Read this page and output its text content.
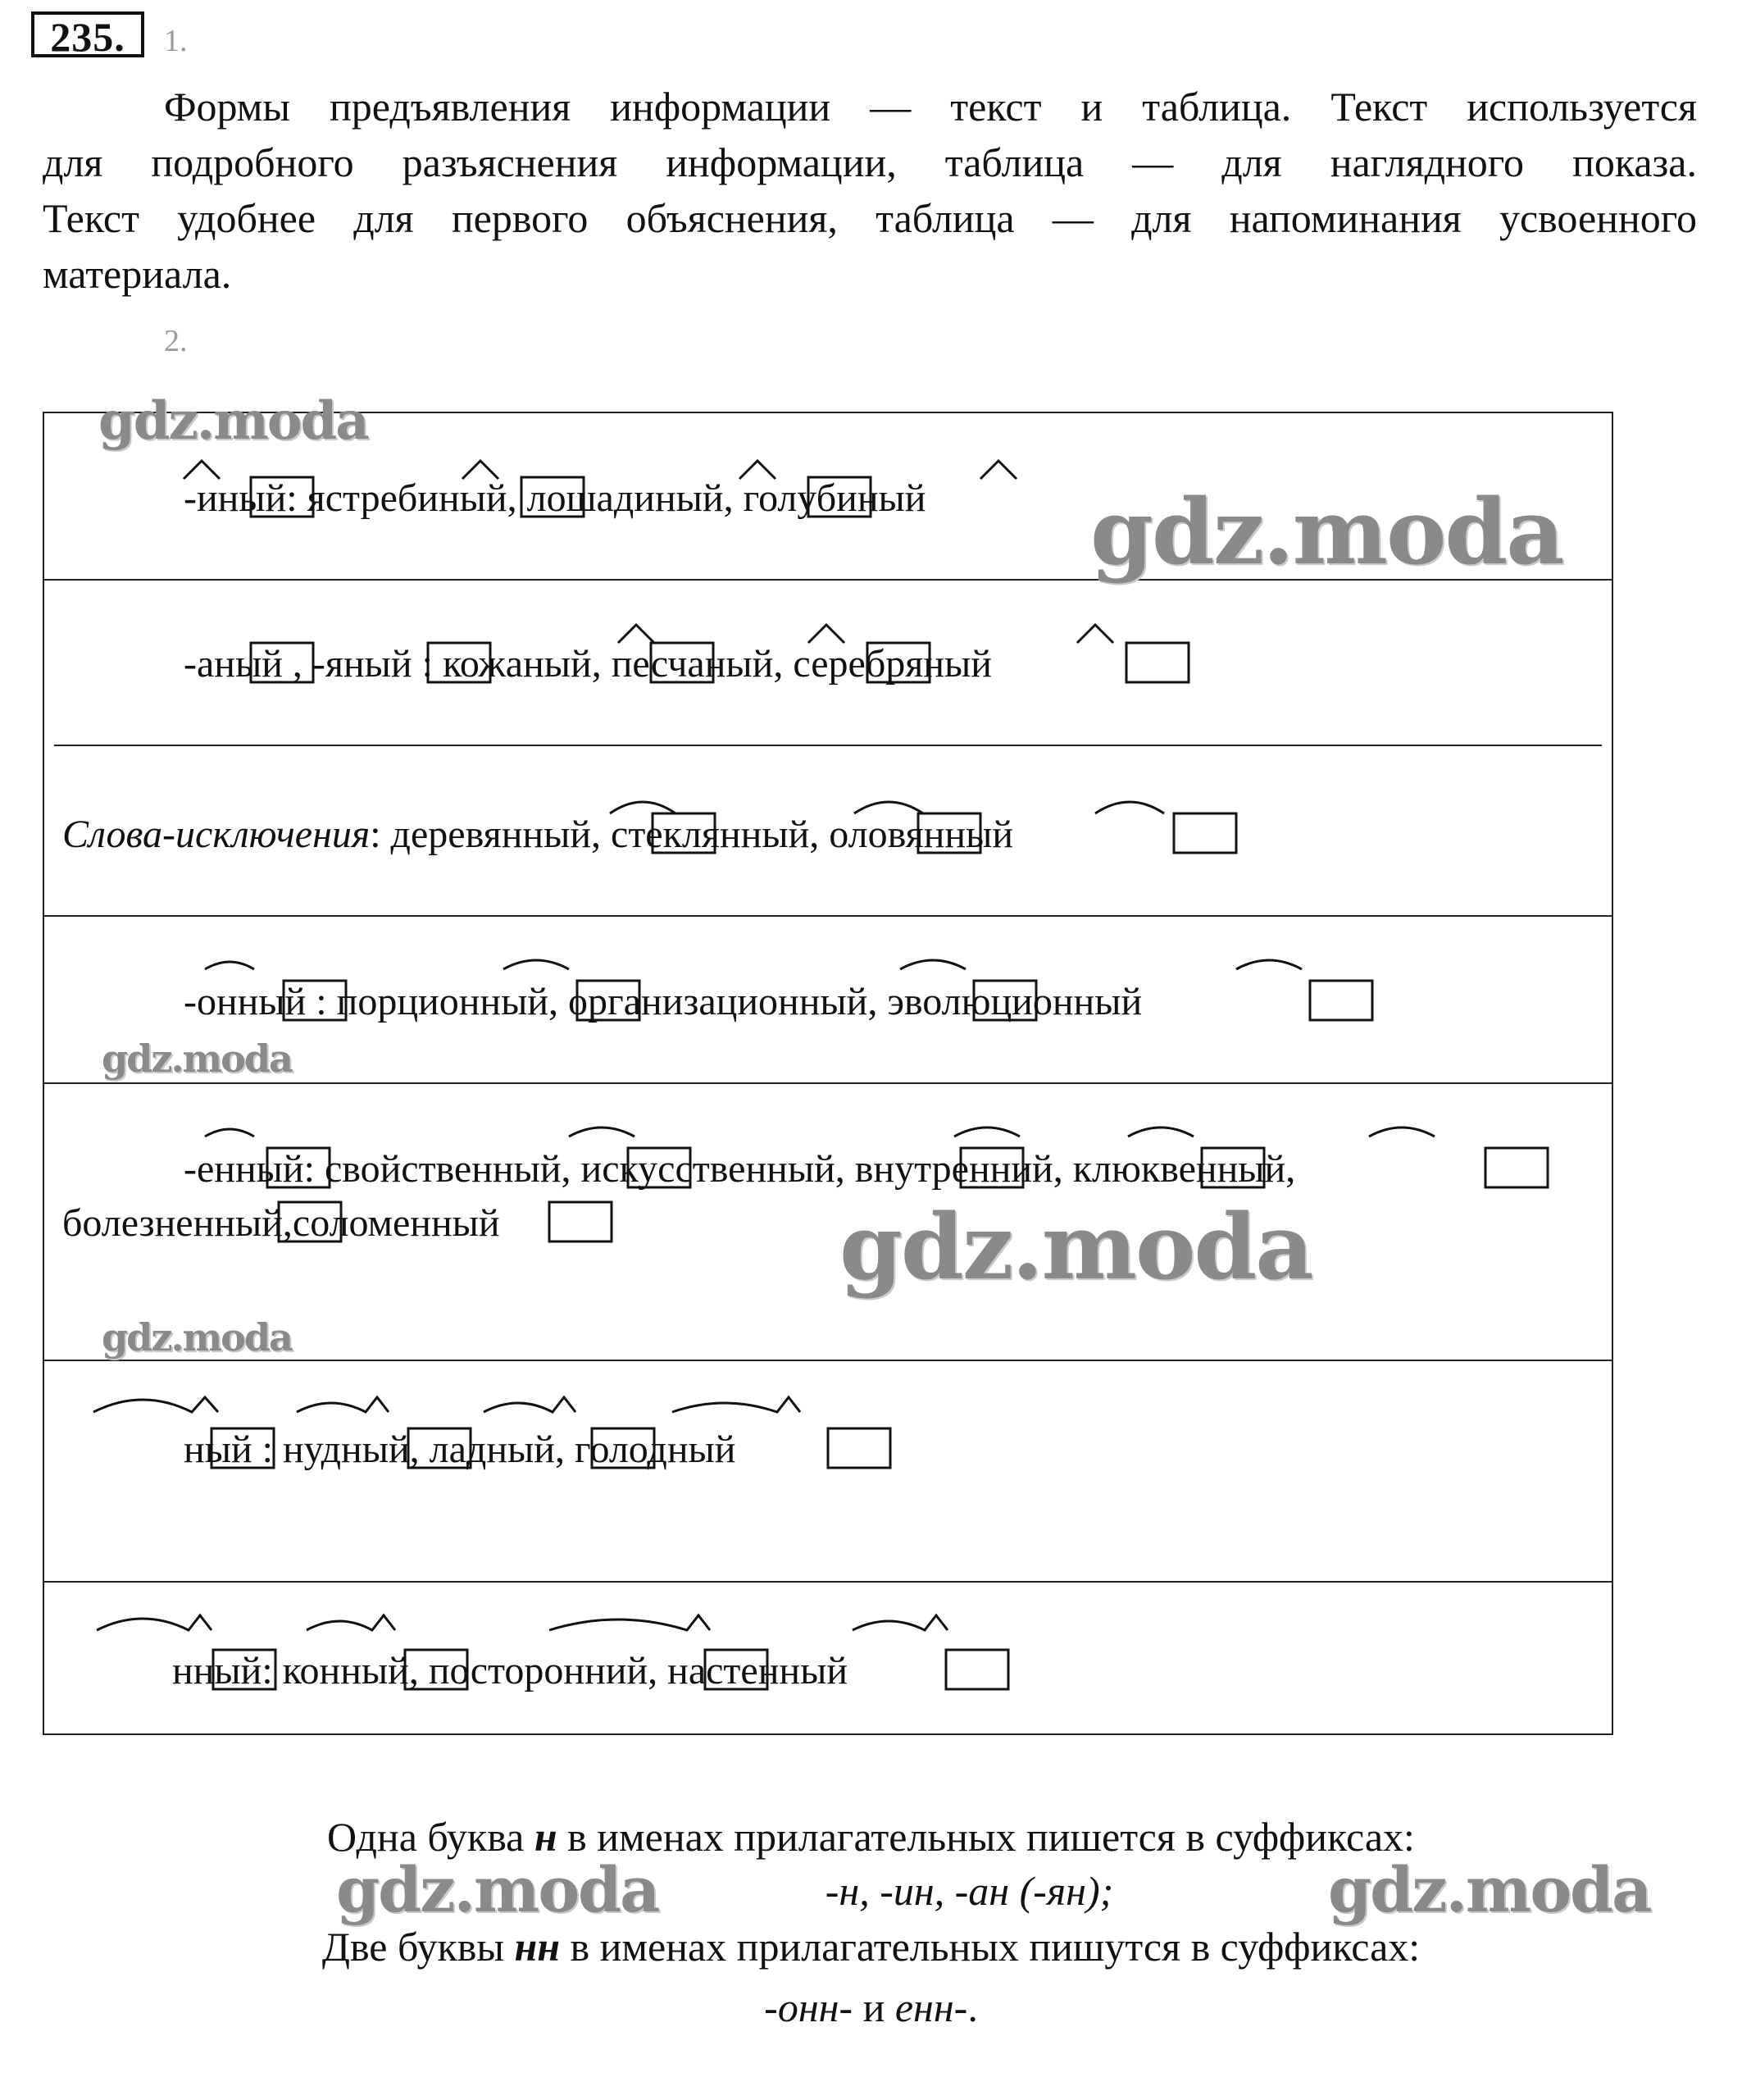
235.	1.
Формы предъявления информации — текст и таблица. Текст используется
для подробного разъяснения информации, таблица — для наглядного показа.
Текст удобнее для первого объяснения, таблица — для напоминания усвоенного
материала.
2.
-иный: ястребиный, лошадиный, голубиный
-аный , -яный : кожаный, песчаный, серебряный
Слова-исключения: деревянный, стеклянный, оловянный
-онный : порционный, организационный, эволюционный
-енный: свойственный, искусственный, внутренний, клюквенный,
болезненный,соломенный
ный : нудный, ладный, голодный
нный: конный, посторонний, настенный
gdz.moda
gdz.moda
gdz.moda
gdz.moda
gdz.moda
gdz.moda	gdz.moda
Одна буква н в именах прилагательных пишется в суффиксах:
-н, -ин, -ан (-ян);
Две буквы нн в именах прилагательных пишутся в суффиксах:
-онн- и енн-.
